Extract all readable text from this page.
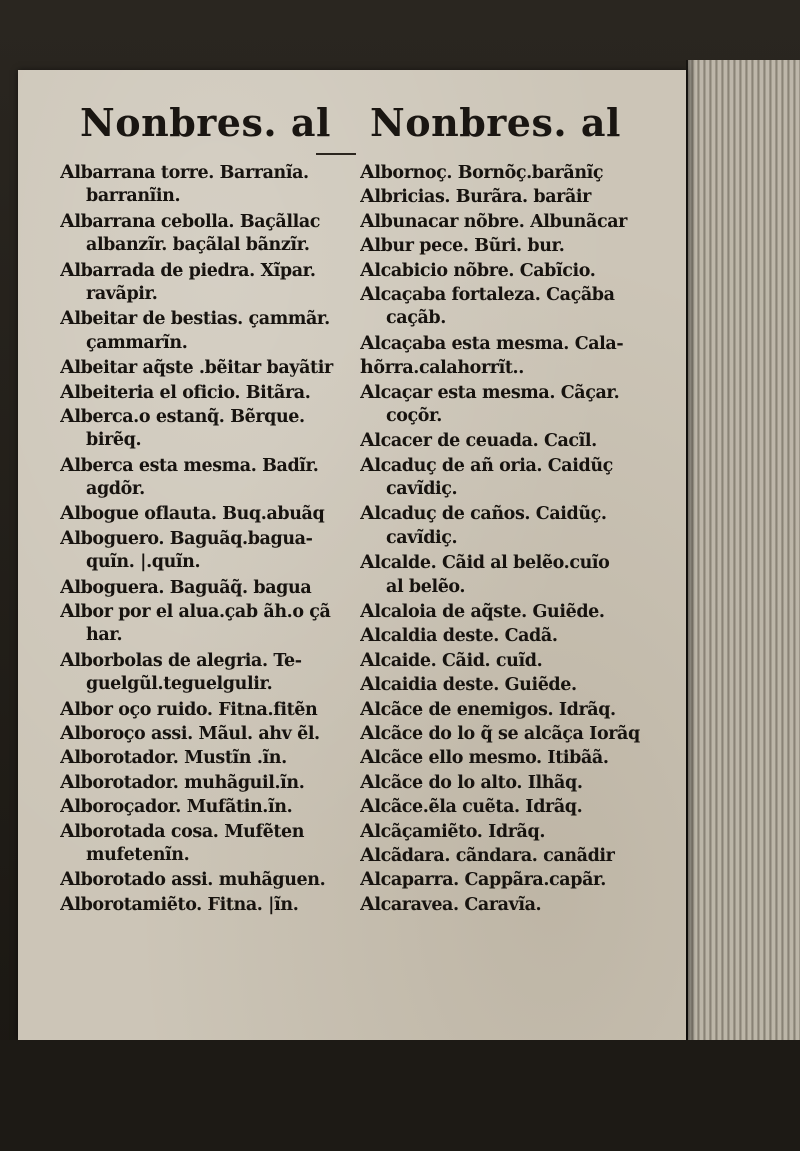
Nonbres. al Nonbres. al
Albarrana torre. Barranĩa.
barranĩin.
Albarrana cebolla. Baçãllac
albanzĩr. baçãlal bãnzĩr.
Albarrada de piedra. Xĩpar.
ravãpir.
Albeitar de bestias. çammãr.
çammarĩn.
Albeitar aq̃ste .bẽitar bayãtir
Albeiteria el oficio. Bitãra.
Alberca.o estanq̃. Bẽrque.
birẽq.
Alberca esta mesma. Badĩr.
agdõr.
Albogue oflauta. Buq.abuãq
Alboguero. Baguãq.bagua-
quĩn. |.quĩn.
Alboguera. Baguãq̃. bagua
Albor por el alua.çab ãh.o çã
har.
Alborbolas de alegria. Te-
guelgũl.teguelgulir.
Albor oço ruido. Fitna.fitẽn
Alboroço assi. Mãul. ahv ẽl.
Alborotador. Mustĩn .ĩn.
Alborotador. muhãguil.ĩn.
Alboroçador. Mufãtin.ĩn.
Alborotada cosa. Mufẽten
mufetenĩn.
Alborotado assi. muhãguen.
Alborotamiẽto. Fitna. |ĩn.
Albornoç. Bornõç.barãnĩç
Albricias. Burãra. barãir
Albunacar nõbre. Albunãcar
Albur pece. Bũri. bur.
Alcabicio nõbre. Cabĩcio.
Alcaçaba fortaleza. Caçãba
caçãb.
Alcaçaba esta mesma. Cala-
hõrra.calahorrĩt..
Alcaçar esta mesma. Cãçar.
coçõr.
Alcacer de ceuada. Cacĩl.
Alcaduç de añ oria. Caidũç
cavĩdiç.
Alcaduç de caños. Caidũç.
cavĩdiç.
Alcalde. Cãid al belẽo.cuĩo
al belẽo.
Alcaloia de aq̃ste. Guiẽde.
Alcaldia deste. Cadã.
Alcaide. Cãid. cuĩd.
Alcaidia deste. Guiẽde.
Alcãce de enemigos. Idrãq.
Alcãce do lo q̃ se alcãça Iorãq
Alcãce ello mesmo. Itibãã.
Alcãce do lo alto. Ilhãq.
Alcãce.ẽla cuẽta. Idrãq.
Alcãçamiẽto. Idrãq.
Alcãdara. cãndara. canãdir
Alcaparra. Cappãra.capãr.
Alcaravea. Caravĩa.
